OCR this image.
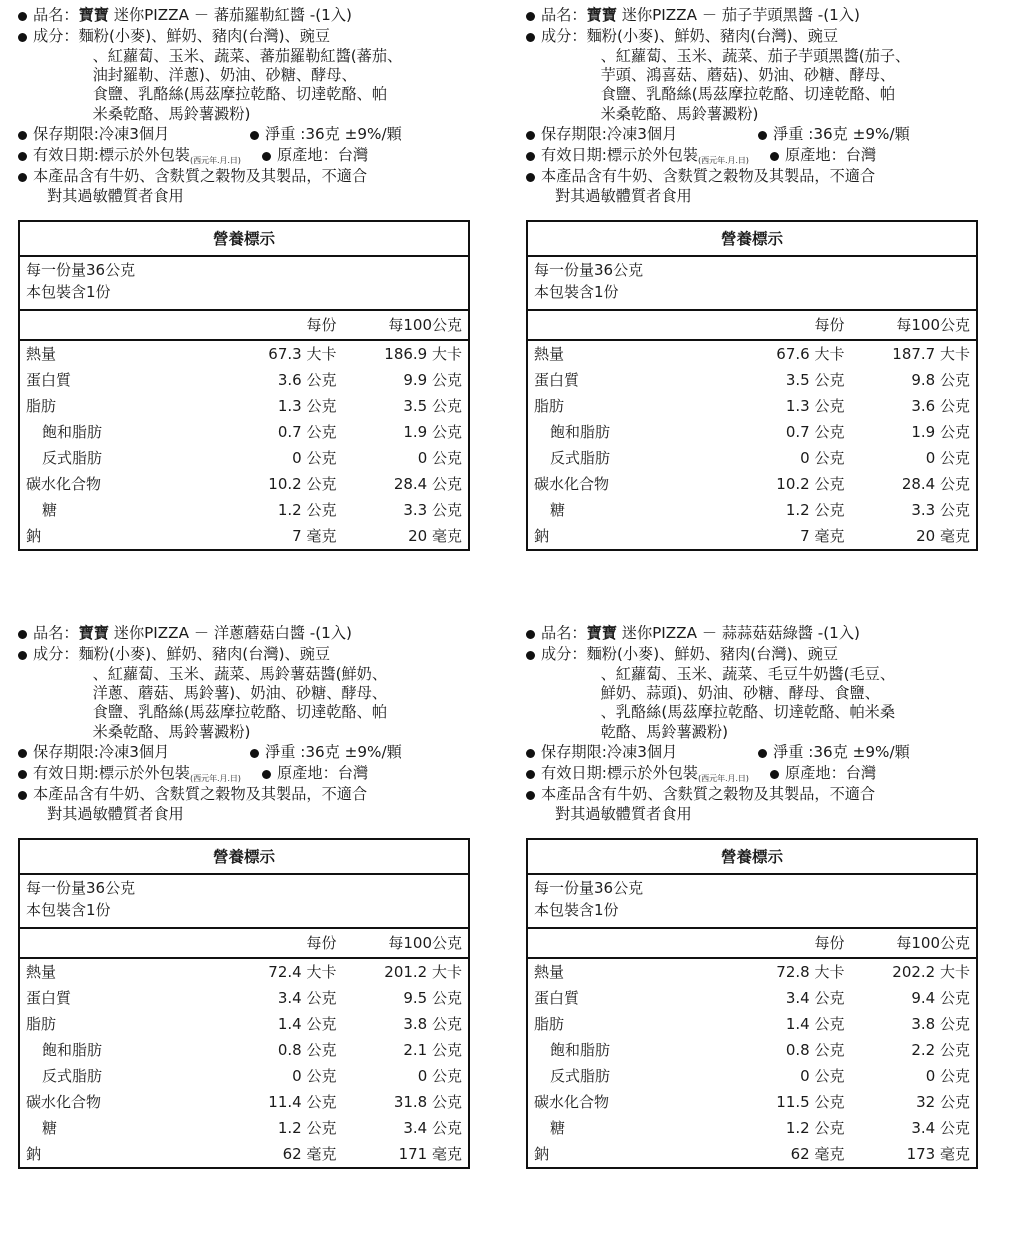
品名： 寶寶 迷你PIZZA － 蕃茄羅勒紅醬 -(1入)
成分： 麵粉(小麥)、鮮奶、豬肉(台灣)、豌豆
、紅蘿蔔、玉米、蔬菜、蕃茄羅勒紅醬(蕃茄、
油封羅勒、洋蔥)、奶油、砂糖、酵母、
食鹽、乳酪絲(馬茲摩拉乾酪、切達乾酪、帕
米桑乾酪、馬鈴薯澱粉)
保存期限:冷凍3個月	淨重 :36克 ±9%/顆
有效日期:標示於外包裝(西元年.月.日) 原產地：台灣
本產品含有牛奶、含麩質之穀物及其製品，不適合
對其過敏體質者食用
營養標示		

每一份量36公克
本包裝含1份		

	每份	每100公克
熱量	67.3 大卡	186.9 大卡
蛋白質	3.6 公克	9.9 公克
脂肪	1.3 公克	3.5 公克
飽和脂肪	0.7 公克	1.9 公克
反式脂肪	0 公克	0 公克
碳水化合物	10.2 公克	28.4 公克
糖	1.2 公克	3.3 公克
鈉	7 毫克	20 毫克
品名： 寶寶 迷你PIZZA － 茄子芋頭黑醬 -(1入)
成分： 麵粉(小麥)、鮮奶、豬肉(台灣)、豌豆
、紅蘿蔔、玉米、蔬菜、茄子芋頭黑醬(茄子、
芋頭、鴻喜菇、蘑菇)、奶油、砂糖、酵母、
食鹽、乳酪絲(馬茲摩拉乾酪、切達乾酪、帕
米桑乾酪、馬鈴薯澱粉)
保存期限:冷凍3個月	淨重 :36克 ±9%/顆
有效日期:標示於外包裝(西元年.月.日) 原產地：台灣
本產品含有牛奶、含麩質之穀物及其製品，不適合
對其過敏體質者食用
營養標示		

每一份量36公克
本包裝含1份		

	每份	每100公克
熱量	67.6 大卡	187.7 大卡
蛋白質	3.5 公克	9.8 公克
脂肪	1.3 公克	3.6 公克
飽和脂肪	0.7 公克	1.9 公克
反式脂肪	0 公克	0 公克
碳水化合物	10.2 公克	28.4 公克
糖	1.2 公克	3.3 公克
鈉	7 毫克	20 毫克
品名： 寶寶 迷你PIZZA － 洋蔥蘑菇白醬 -(1入)
成分： 麵粉(小麥)、鮮奶、豬肉(台灣)、豌豆
、紅蘿蔔、玉米、蔬菜、馬鈴薯菇醬(鮮奶、
洋蔥、蘑菇、馬鈴薯)、奶油、砂糖、酵母、
食鹽、乳酪絲(馬茲摩拉乾酪、切達乾酪、帕
米桑乾酪、馬鈴薯澱粉)
保存期限:冷凍3個月	淨重 :36克 ±9%/顆
有效日期:標示於外包裝(西元年.月.日) 原產地：台灣
本產品含有牛奶、含麩質之穀物及其製品，不適合
對其過敏體質者食用
營養標示		

每一份量36公克
本包裝含1份		

	每份	每100公克
熱量	72.4 大卡	201.2 大卡
蛋白質	3.4 公克	9.5 公克
脂肪	1.4 公克	3.8 公克
飽和脂肪	0.8 公克	2.1 公克
反式脂肪	0 公克	0 公克
碳水化合物	11.4 公克	31.8 公克
糖	1.2 公克	3.4 公克
鈉	62 毫克	171 毫克
品名： 寶寶 迷你PIZZA － 蒜蒜菇菇綠醬 -(1入)
成分： 麵粉(小麥)、鮮奶、豬肉(台灣)、豌豆
、紅蘿蔔、玉米、蔬菜、毛豆牛奶醬(毛豆、
鮮奶、蒜頭)、奶油、砂糖、酵母、食鹽、
、乳酪絲(馬茲摩拉乾酪、切達乾酪、帕米桑
乾酪、馬鈴薯澱粉)
保存期限:冷凍3個月	淨重 :36克 ±9%/顆
有效日期:標示於外包裝(西元年.月.日) 原產地：台灣
本產品含有牛奶、含麩質之穀物及其製品，不適合
對其過敏體質者食用
營養標示		

每一份量36公克
本包裝含1份		

	每份	每100公克
熱量	72.8 大卡	202.2 大卡
蛋白質	3.4 公克	9.4 公克
脂肪	1.4 公克	3.8 公克
飽和脂肪	0.8 公克	2.2 公克
反式脂肪	0 公克	0 公克
碳水化合物	11.5 公克	32 公克
糖	1.2 公克	3.4 公克
鈉	62 毫克	173 毫克
